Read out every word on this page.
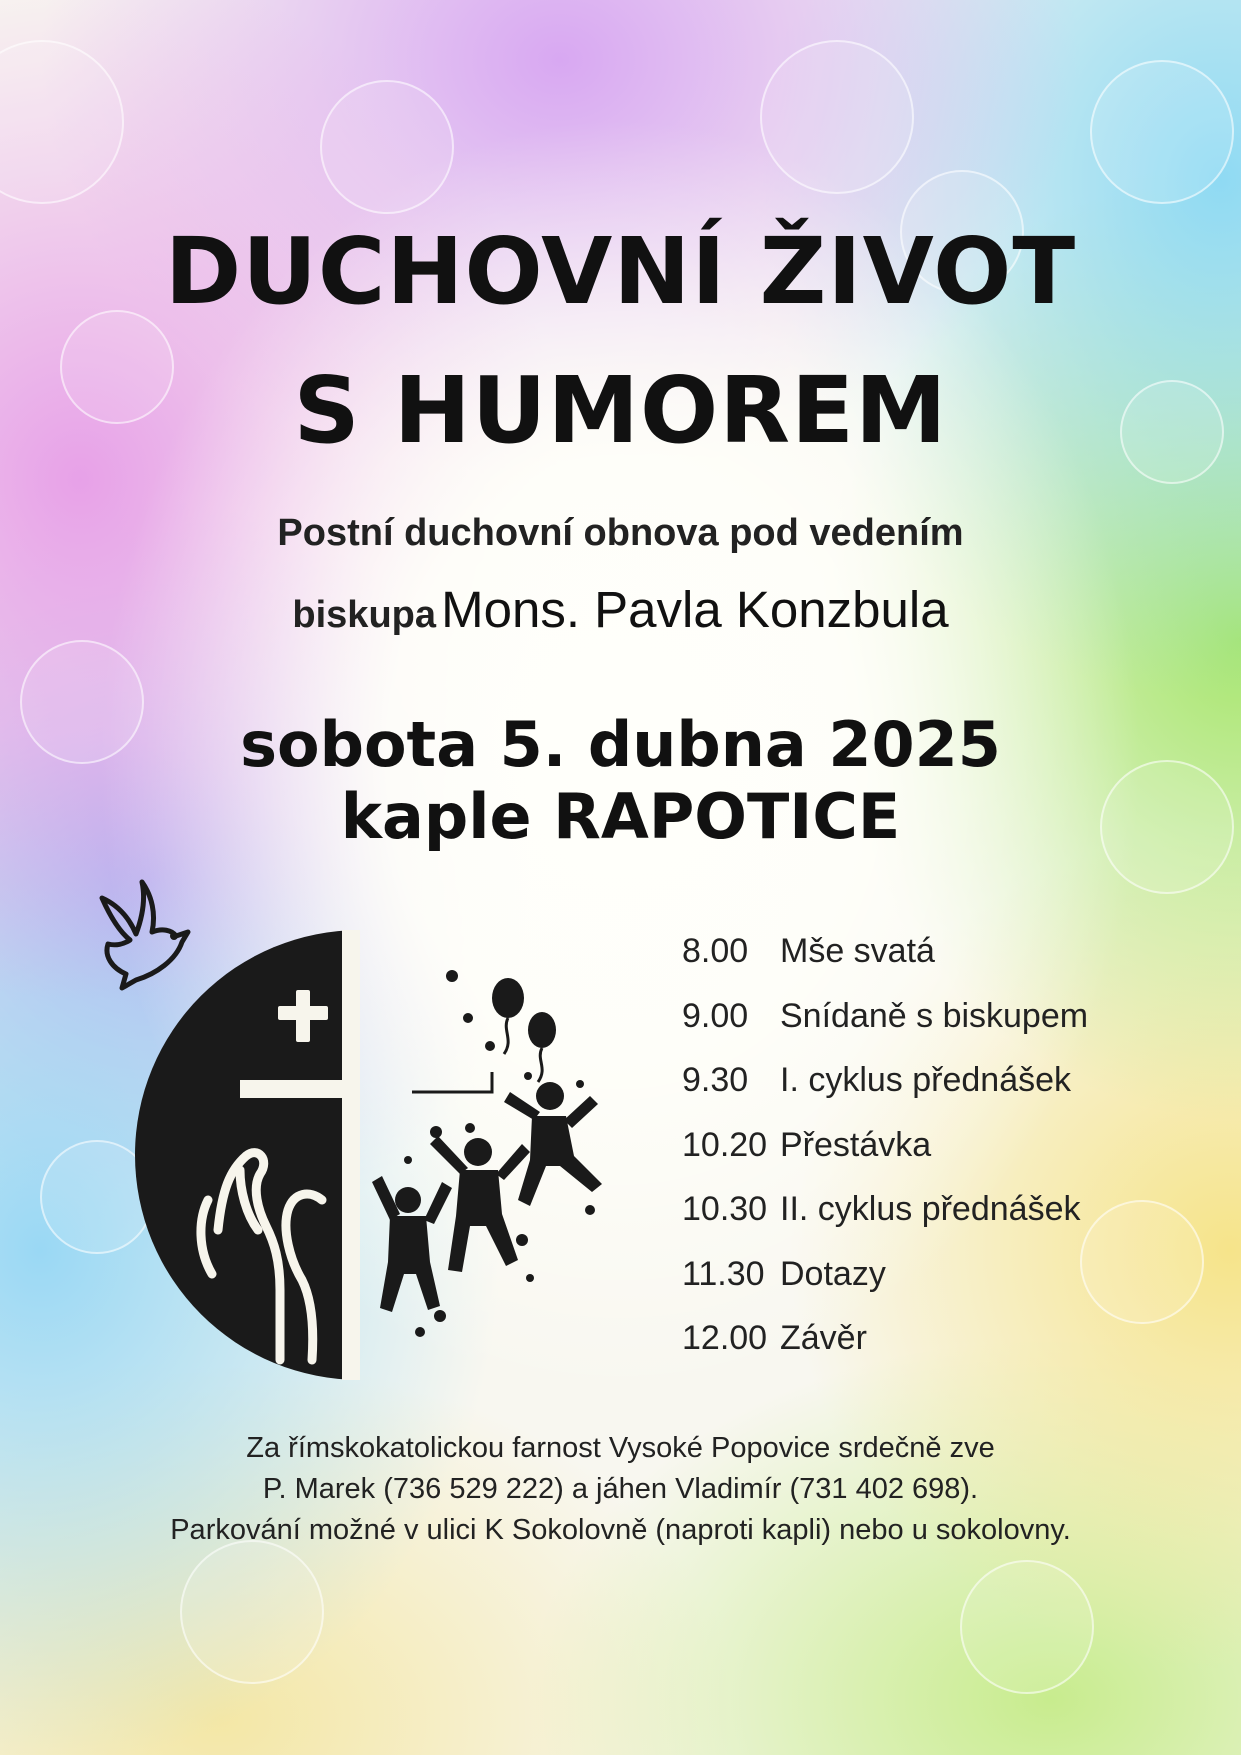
DUCHOVNÍ ŽIVOT
S HUMOREM
Postní duchovní obnova pod vedením
biskupa Mons. Pavla Konzbula
sobota 5. dubna 2025
kaple RAPOTICE
8.00 Mše svatá
9.00 Snídaně s biskupem
9.30 I. cyklus přednášek
10.20 Přestávka
10.30 II. cyklus přednášek
11.30 Dotazy
12.00 Závěr
Za římskokatolickou farnost Vysoké Popovice srdečně zve
P. Marek (736 529 222) a jáhen Vladimír (731 402 698).
Parkování možné v ulici K Sokolovně (naproti kapli) nebo u sokolovny.
